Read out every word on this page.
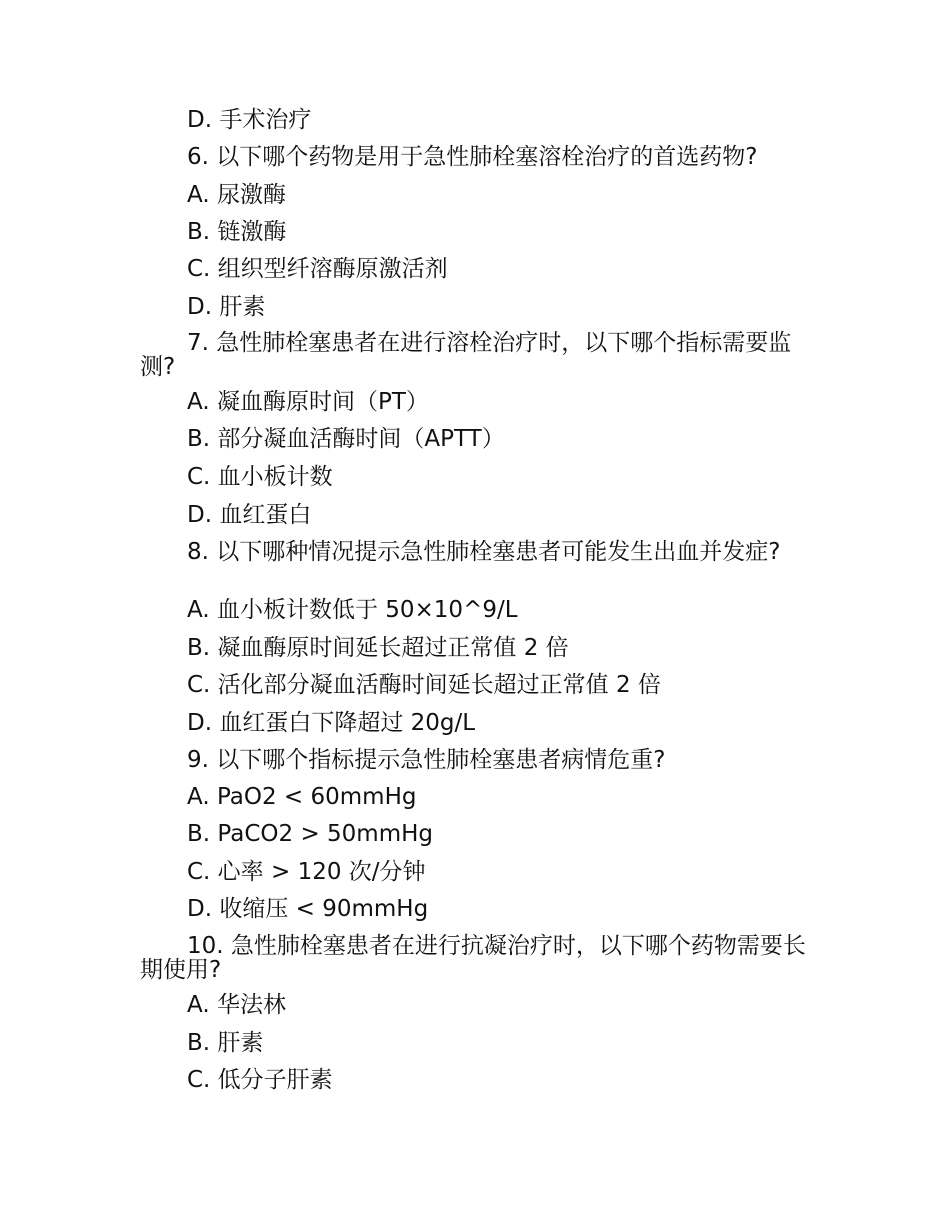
D. 手术治疗
6. 以下哪个药物是用于急性肺栓塞溶栓治疗的首选药物?
A. 尿激酶
B. 链激酶
C. 组织型纤溶酶原激活剂
D. 肝素
7. 急性肺栓塞患者在进行溶栓治疗时，以下哪个指标需要监测?
A. 凝血酶原时间（PT）
B. 部分凝血活酶时间（APTT）
C. 血小板计数
D. 血红蛋白
8. 以下哪种情况提示急性肺栓塞患者可能发生出血并发症?
A. 血小板计数低于 50×10^9/L
B. 凝血酶原时间延长超过正常值 2 倍
C. 活化部分凝血活酶时间延长超过正常值 2 倍
D. 血红蛋白下降超过 20g/L
9. 以下哪个指标提示急性肺栓塞患者病情危重?
A. PaO2 < 60mmHg
B. PaCO2 > 50mmHg
C. 心率 > 120 次/分钟
D. 收缩压 < 90mmHg
10. 急性肺栓塞患者在进行抗凝治疗时，以下哪个药物需要长期使用?
A. 华法林
B. 肝素
C. 低分子肝素
